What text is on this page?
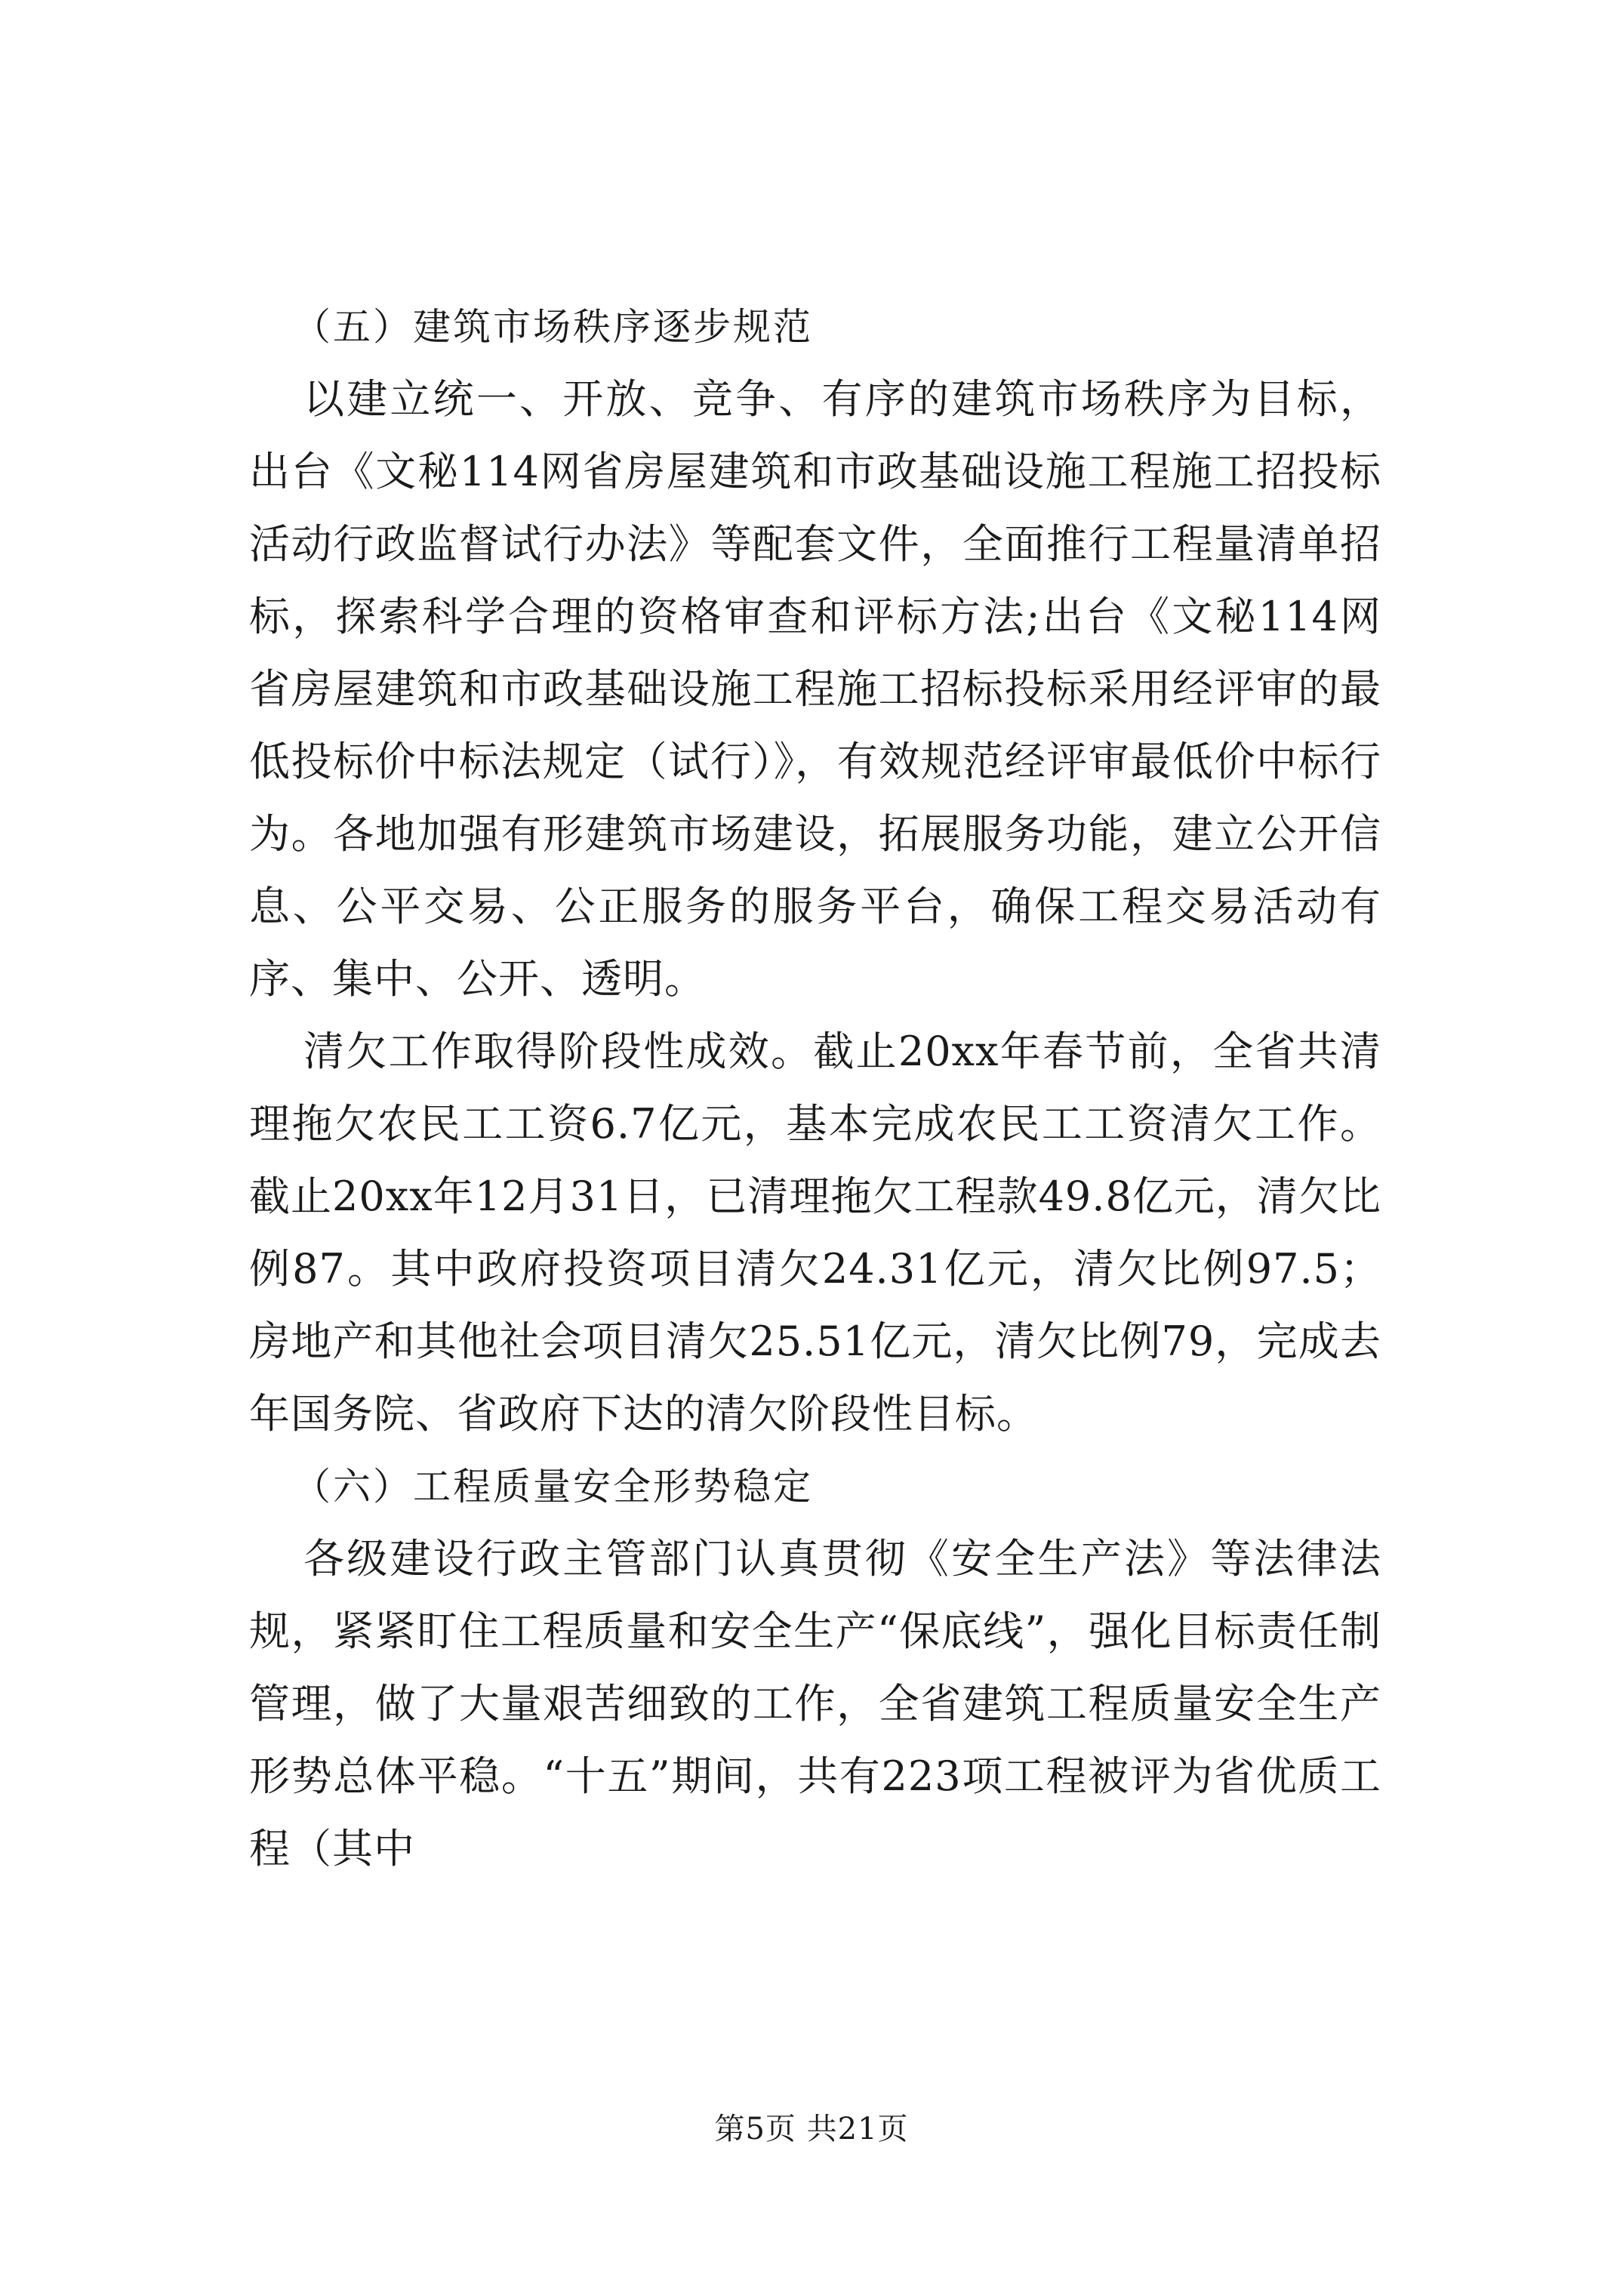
（五）建筑市场秩序逐步规范

以建立统一、开放、竞争、有序的建筑市场秩序为目标，出台《文秘114网省房屋建筑和市政基础设施工程施工招投标活动行政监督试行办法》等配套文件，全面推行工程量清单招标，探索科学合理的资格审查和评标方法;出台《文秘114网省房屋建筑和市政基础设施工程施工招标投标采用经评审的最低投标价中标法规定（试行）》，有效规范经评审最低价中标行为。各地加强有形建筑市场建设，拓展服务功能，建立公开信息、公平交易、公正服务的服务平台，确保工程交易活动有序、集中、公开、透明。

清欠工作取得阶段性成效。截止20xx年春节前，全省共清理拖欠农民工工资6.7亿元，基本完成农民工工资清欠工作。截止20xx年12月31日，已清理拖欠工程款49.8亿元，清欠比例87。其中政府投资项目清欠24.31亿元，清欠比例97.5；房地产和其他社会项目清欠25.51亿元，清欠比例79，完成去年国务院、省政府下达的清欠阶段性目标。

（六）工程质量安全形势稳定

各级建设行政主管部门认真贯彻《安全生产法》等法律法规，紧紧盯住工程质量和安全生产“保底线”，强化目标责任制管理，做了大量艰苦细致的工作，全省建筑工程质量安全生产形势总体平稳。“十五”期间，共有223项工程被评为省优质工程（其中

第5页 共21页
